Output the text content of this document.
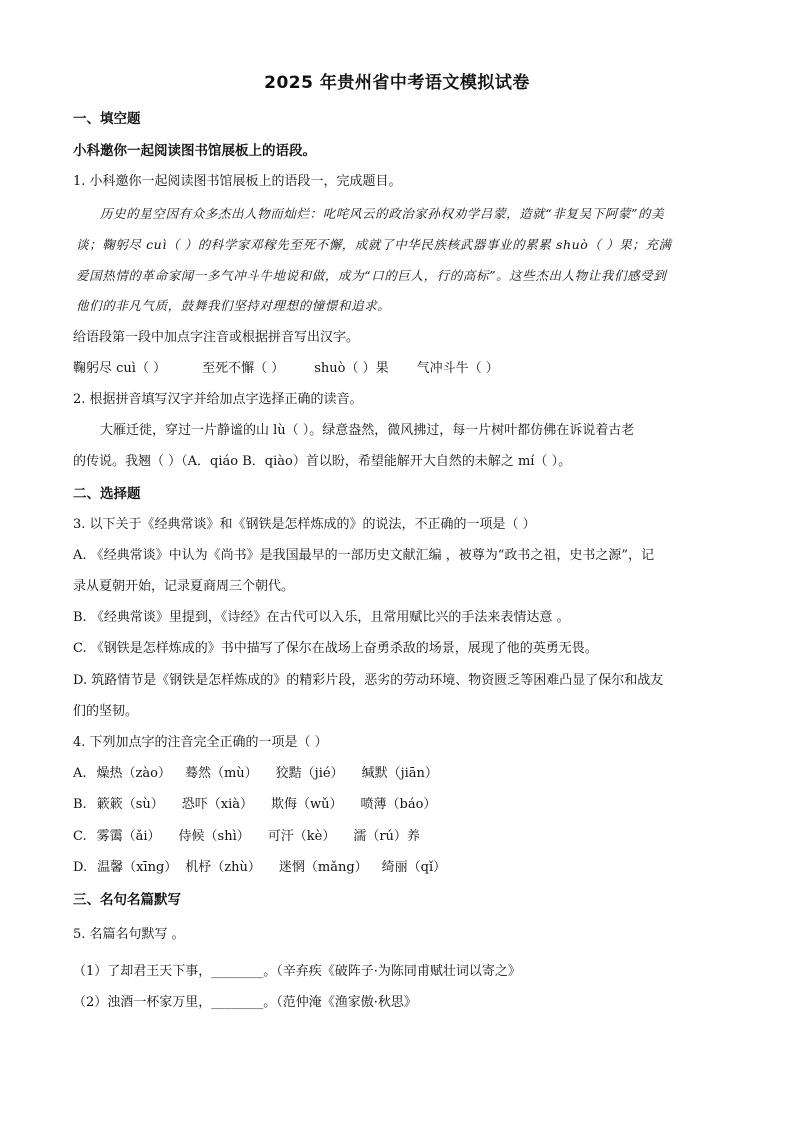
2025 年贵州省中考语文模拟试卷
一、填空题
小科邀你一起阅读图书馆展板上的语段。
1. 小科邀你一起阅读图书馆展板上的语段一，完成题目。
历史的星空因有众多杰出人物而灿烂：叱咤风云的政治家孙权劝学吕蒙，造就“非复吴下阿蒙”的美
谈；鞠躬尽 cuì（ ）的科学家邓稼先至死不懈，成就了中华民族核武器事业的累累 shuò（ ）果；充满
爱国热情的革命家闻一多气冲斗牛地说和做，成为“口的巨人，行的高标”。这些杰出人物让我们感受到
他们的非凡气质，鼓舞我们坚持对理想的憧憬和追求。
给语段第一段中加点字注音或根据拼音写出汉字。
鞠躬尽 cuì（ ）	至死不懈（ ） shuò（ ）果 气冲斗牛（ ）
2. 根据拼音填写汉字并给加点字选择正确的读音。
大雁迁徙，穿过一片静谧的山 lù（ ）。绿意盎然，微风拂过，每一片树叶都仿佛在诉说着古老
的传说。我翘（ ）（A．qiáo B．qiào）首以盼，希望能解开大自然的未解之 mí（ ）。
二、选择题
3. 以下关于《经典常谈》和《钢铁是怎样炼成的》的说法，不正确的一项是（ ）
A. 《经典常谈》中认为《尚书》是我国最早的一部历史文献汇编 ，被尊为“政书之祖，史书之源”，记
录从夏朝开始，记录夏商周三个朝代。
B. 《经典常谈》里提到，《诗经》在古代可以入乐，且常用赋比兴的手法来表情达意 。
C. 《钢铁是怎样炼成的》书中描写了保尔在战场上奋勇杀敌的场景，展现了他的英勇无畏。
D. 筑路情节是《钢铁是怎样炼成的》的精彩片段，恶劣的劳动环境、物资匮乏等困难凸显了保尔和战友
们的坚韧。
4. 下列加点字的注音完全正确的一项是（ ）
A. 燥热（zào） 蓦然（mù） 狡黠（jié） 缄默（jiān）
B. 簌簌（sù） 恐吓（xià） 欺侮（wǔ） 喷薄（báo）
C. 雾霭（ǎi） 侍候（shì） 可汗（kè） 濡（rú）养
D. 温馨（xīng） 机杼（zhù） 迷惘（mǎng） 绮丽（qǐ）
三、名句名篇默写
5. 名篇名句默写 。
（1）了却君王天下事，________。（辛弃疾《破阵子·为陈同甫赋壮词以寄之》
（2）浊酒一杯家万里，________。（范仲淹《渔家傲·秋思》
